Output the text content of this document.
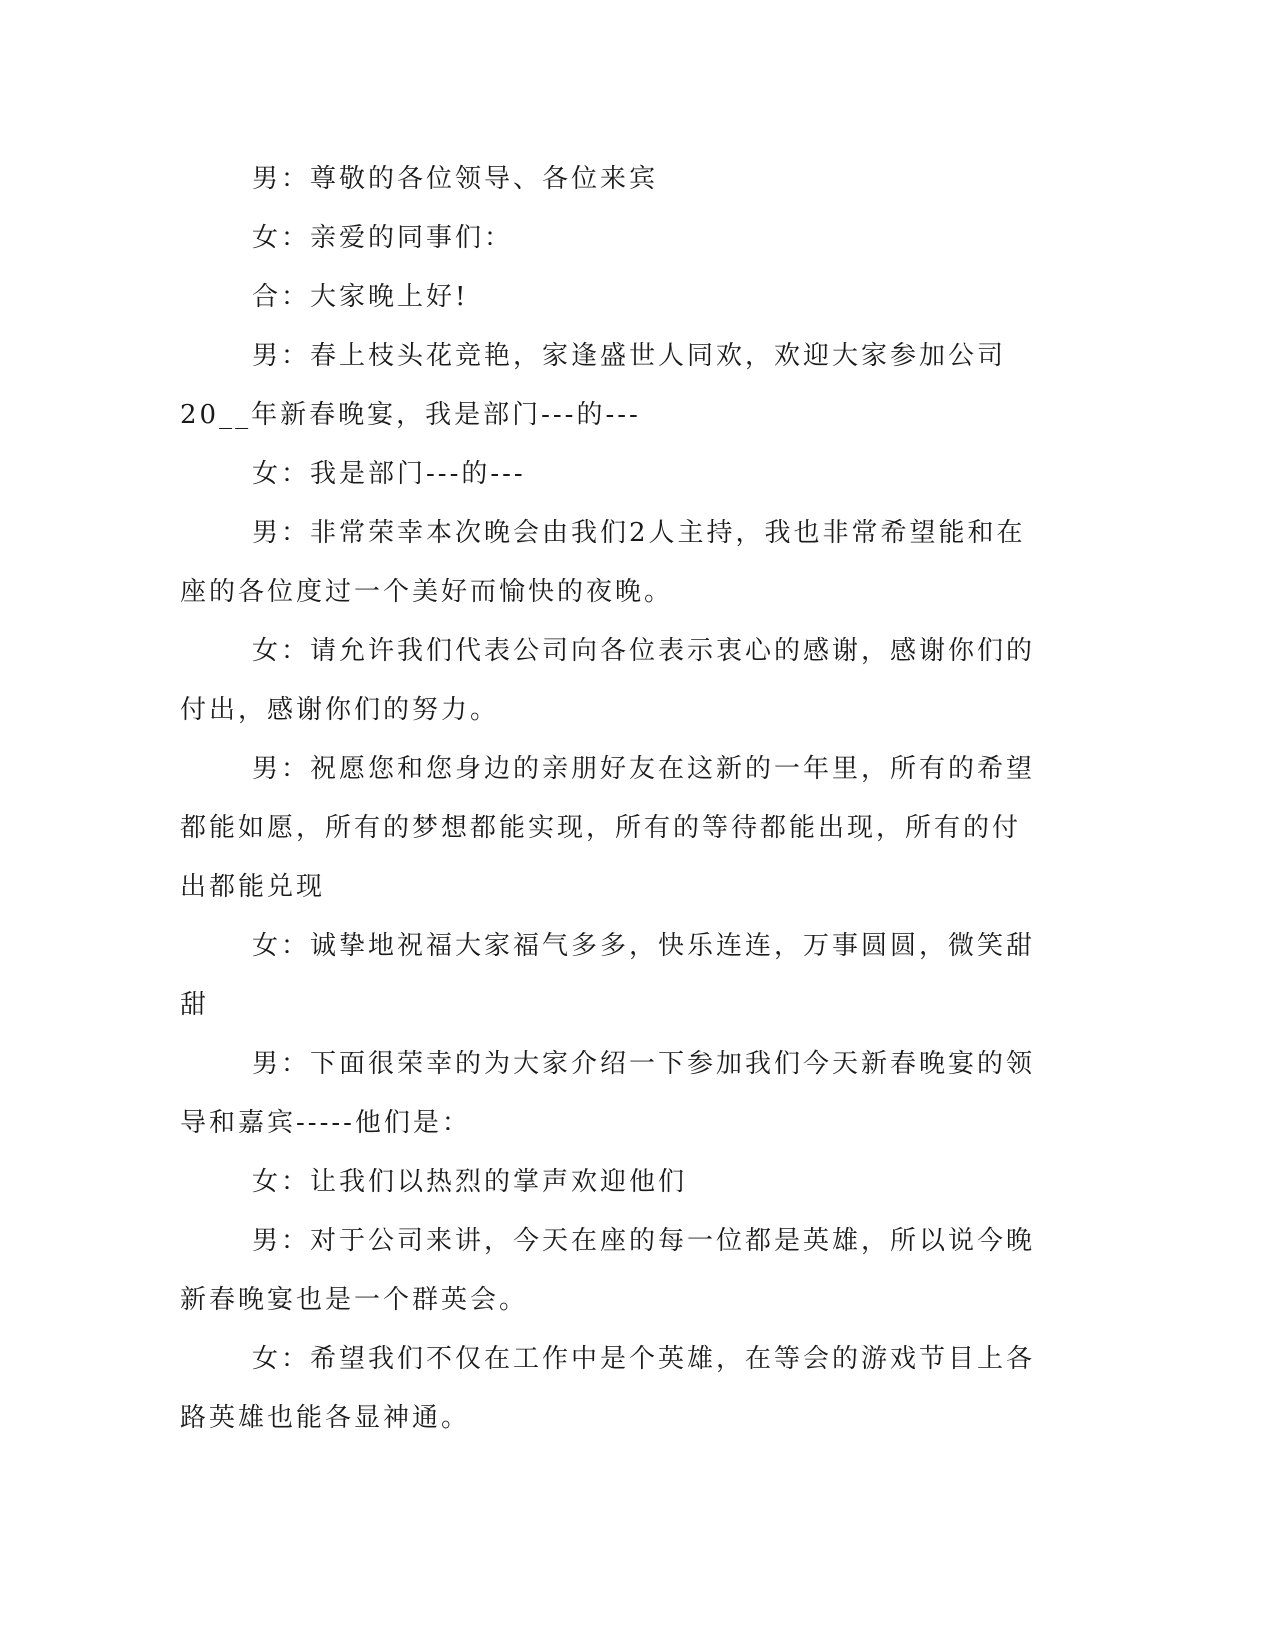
男：尊敬的各位领导、各位来宾

女：亲爱的同事们：

合：大家晚上好!

男：春上枝头花竞艳，家逢盛世人同欢，欢迎大家参加公司20__年新春晚宴，我是部门---的---

女：我是部门---的---

男：非常荣幸本次晚会由我们2人主持，我也非常希望能和在座的各位度过一个美好而愉快的夜晚。

女：请允许我们代表公司向各位表示衷心的感谢，感谢你们的付出，感谢你们的努力。

男：祝愿您和您身边的亲朋好友在这新的一年里，所有的希望都能如愿，所有的梦想都能实现，所有的等待都能出现，所有的付出都能兑现

女：诚挚地祝福大家福气多多，快乐连连，万事圆圆，微笑甜甜

男：下面很荣幸的为大家介绍一下参加我们今天新春晚宴的领导和嘉宾-----他们是：

女：让我们以热烈的掌声欢迎他们

男：对于公司来讲，今天在座的每一位都是英雄，所以说今晚新春晚宴也是一个群英会。

女：希望我们不仅在工作中是个英雄，在等会的游戏节目上各路英雄也能各显神通。
